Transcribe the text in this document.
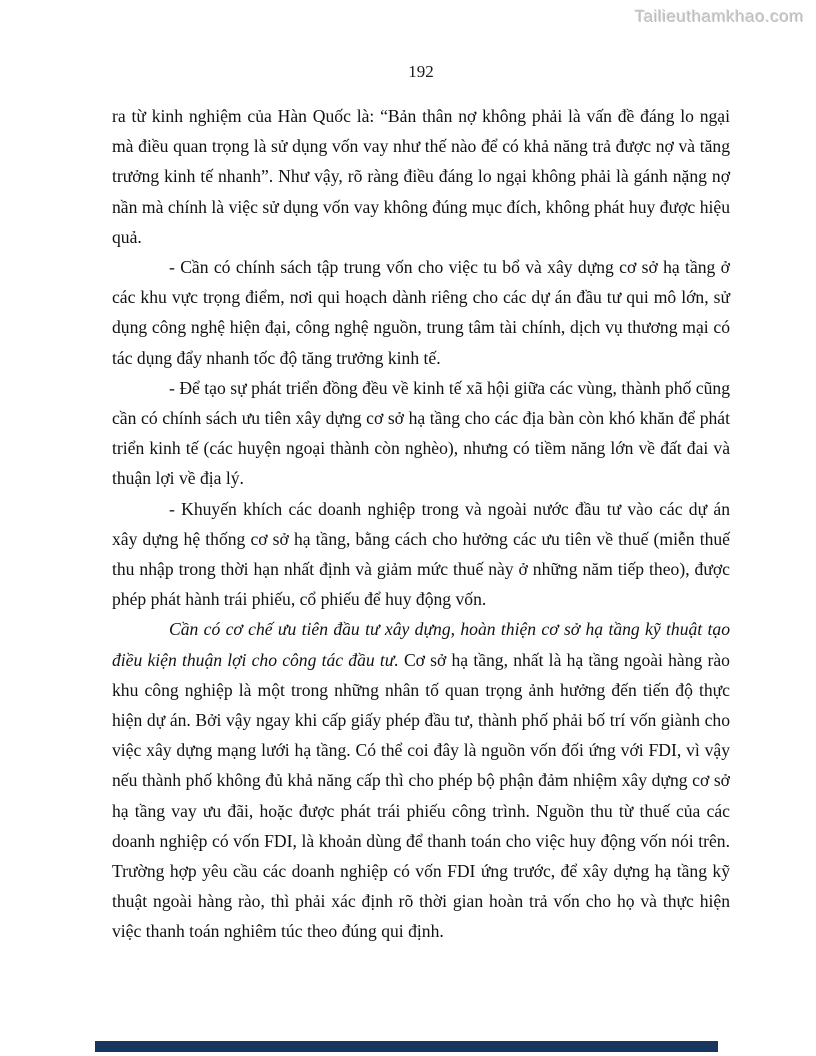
Tailieuthamkhao.com
192

ra từ kinh nghiệm của Hàn Quốc là: “Bản thân nợ không phải là vấn đề đáng lo ngại mà điều quan trọng là sử dụng vốn vay như thế nào để có khả năng trả được nợ và tăng trưởng kinh tế nhanh”. Như vậy, rõ ràng điều đáng lo ngại không phải là gánh nặng nợ nần mà chính là việc sử dụng vốn vay không đúng mục đích, không phát huy được hiệu quả.

- Cần có chính sách tập trung vốn cho việc tu bổ và xây dựng cơ sở hạ tầng ở các khu vực trọng điểm, nơi qui hoạch dành riêng cho các dự án đầu tư qui mô lớn, sử dụng công nghệ hiện đại, công nghệ nguồn, trung tâm tài chính, dịch vụ thương mại có tác dụng đẩy nhanh tốc độ tăng trưởng kinh tế.

- Để tạo sự phát triển đồng đều về kinh tế xã hội giữa các vùng, thành phố cũng cần có chính sách ưu tiên xây dựng cơ sở hạ tầng cho các địa bàn còn khó khăn để phát triển kinh tế (các huyện ngoại thành còn nghèo), nhưng có tiềm năng lớn về đất đai và thuận lợi về địa lý.

- Khuyến khích các doanh nghiệp trong và ngoài nước đầu tư vào các dự án xây dựng hệ thống cơ sở hạ tầng, bằng cách cho hưởng các ưu tiên về thuế (miễn thuế thu nhập trong thời hạn nhất định và giảm mức thuế này ở những năm tiếp theo), được phép phát hành trái phiếu, cổ phiếu để huy động vốn.

Cần có cơ chế ưu tiên đầu tư xây dựng, hoàn thiện cơ sở hạ tầng kỹ thuật tạo điều kiện thuận lợi cho công tác đầu tư. Cơ sở hạ tầng, nhất là hạ tầng ngoài hàng rào khu công nghiệp là một trong những nhân tố quan trọng ảnh hưởng đến tiến độ thực hiện dự án. Bởi vậy ngay khi cấp giấy phép đầu tư, thành phố phải bố trí vốn giành cho việc xây dựng mạng lưới hạ tầng. Có thể coi đây là nguồn vốn đối ứng với FDI, vì vậy nếu thành phố không đủ khả năng cấp thì cho phép bộ phận đảm nhiệm xây dựng cơ sở hạ tầng vay ưu đãi, hoặc được phát trái phiếu công trình. Nguồn thu từ thuế của các doanh nghiệp có vốn FDI, là khoản dùng để thanh toán cho việc huy động vốn nói trên. Trường hợp yêu cầu các doanh nghiệp có vốn FDI ứng trước, để xây dựng hạ tầng kỹ thuật ngoài hàng rào, thì phải xác định rõ thời gian hoàn trả vốn cho họ và thực hiện việc thanh toán nghiêm túc theo đúng qui định.
